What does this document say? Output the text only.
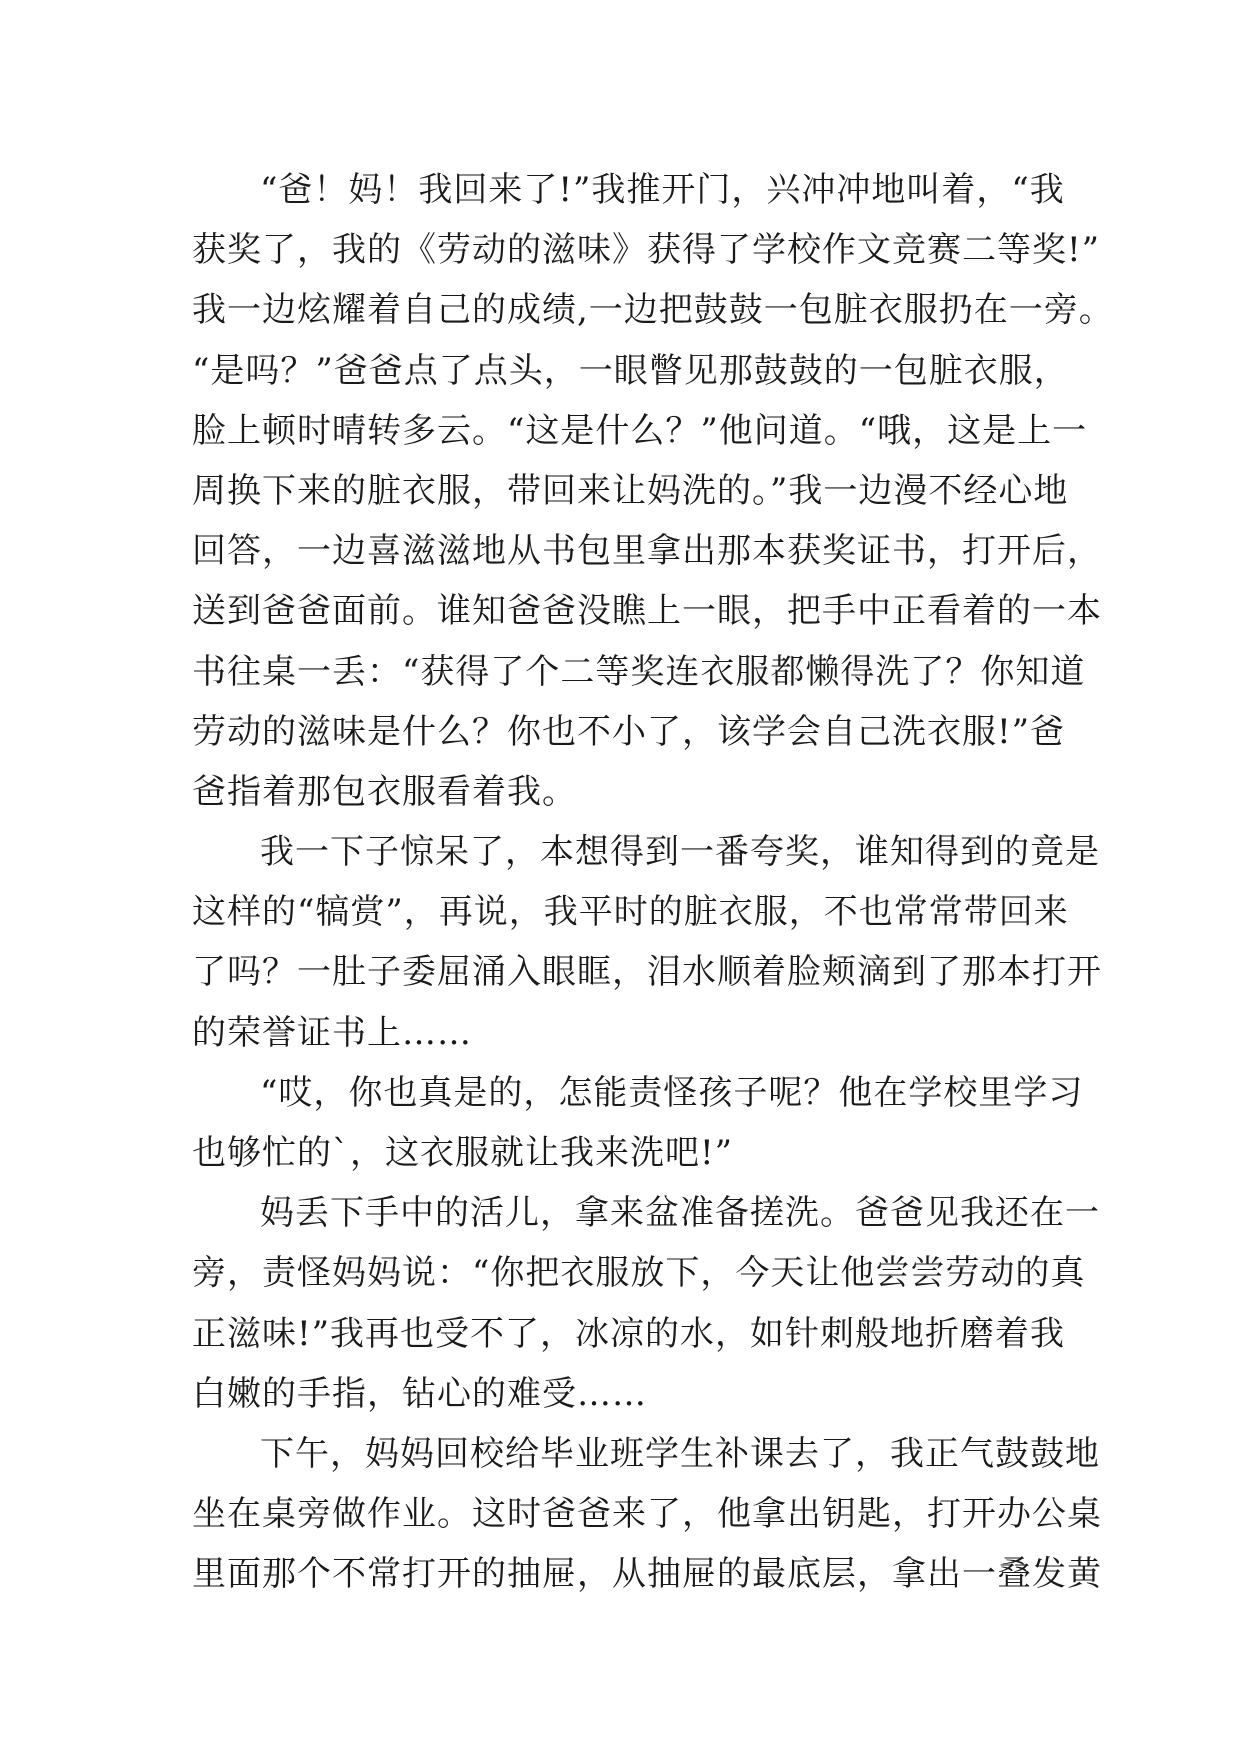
“爸！妈！我回来了!”我推开门，兴冲冲地叫着，“我
获奖了，我的《劳动的滋味》获得了学校作文竞赛二等奖!”
我一边炫耀着自己的成绩,一边把鼓鼓一包脏衣服扔在一旁。
“是吗？”爸爸点了点头，一眼瞥见那鼓鼓的一包脏衣服，
脸上顿时晴转多云。“这是什么？”他问道。“哦，这是上一
周换下来的脏衣服，带回来让妈洗的。”我一边漫不经心地
回答，一边喜滋滋地从书包里拿出那本获奖证书，打开后，
送到爸爸面前。谁知爸爸没瞧上一眼，把手中正看着的一本
书往桌一丢：“获得了个二等奖连衣服都懒得洗了？你知道
劳动的滋味是什么？你也不小了，该学会自己洗衣服!”爸
爸指着那包衣服看着我。
我一下子惊呆了，本想得到一番夸奖，谁知得到的竟是
这样的“犒赏”，再说，我平时的脏衣服，不也常常带回来
了吗？一肚子委屈涌入眼眶，泪水顺着脸颊滴到了那本打开
的荣誉证书上……
“哎，你也真是的，怎能责怪孩子呢？他在学校里学习
也够忙的`，这衣服就让我来洗吧!”
妈丢下手中的活儿，拿来盆准备搓洗。爸爸见我还在一
旁，责怪妈妈说：“你把衣服放下，今天让他尝尝劳动的真
正滋味!”我再也受不了，冰凉的水，如针刺般地折磨着我
白嫩的手指，钻心的难受……
下午，妈妈回校给毕业班学生补课去了，我正气鼓鼓地
坐在桌旁做作业。这时爸爸来了，他拿出钥匙，打开办公桌
里面那个不常打开的抽屉，从抽屉的最底层，拿出一叠发黄
